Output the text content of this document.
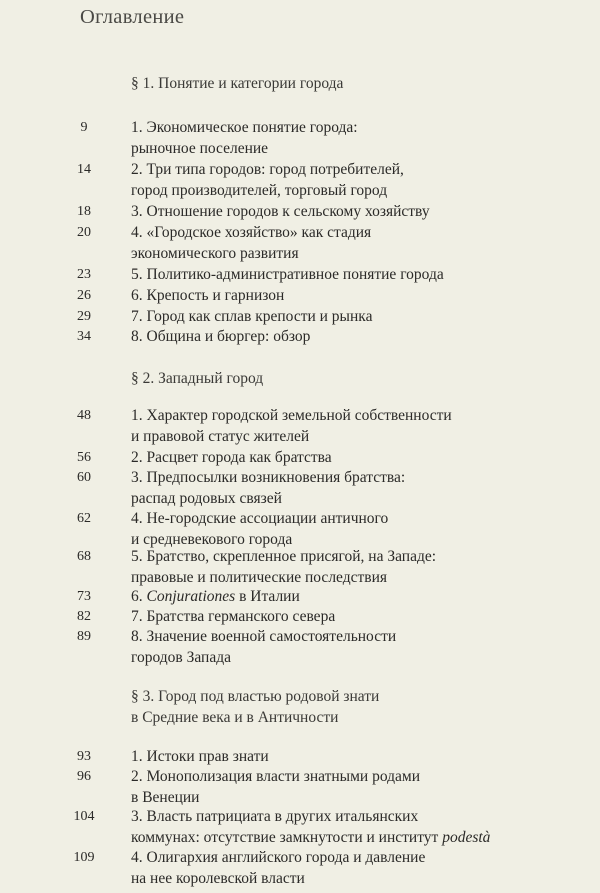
Оглавление
§ 1. Понятие и категории города
9	1. Экономическое понятие города:
рыночное поселение
14	2. Три типа городов: город потребителей,
город производителей, торговый город
18	3. Отношение городов к сельскому хозяйству
20	4. «Городское хозяйство» как стадия
экономического развития
23	5. Политико-административное понятие города
26	6. Крепость и гарнизон
29	7. Город как сплав крепости и рынка
34	8. Община и бюргер: обзор
§ 2. Западный город
48	1. Характер городской земельной собственности
и правовой статус жителей
56	2. Расцвет города как братства
60	3. Предпосылки возникновения братства:
распад родовых связей
62	4. Не-городские ассоциации античного
и средневекового города
68	5. Братство, скрепленное присягой, на Западе:
правовые и политические последствия
73	6. Conjurationes в Италии
82	7. Братства германского севера
89	8. Значение военной самостоятельности
городов Запада
§ 3. Город под властью родовой знати
в Средние века и в Античности
93	1. Истоки прав знати
96	2. Монополизация власти знатными родами
в Венеции
104	3. Власть патрициата в других итальянских
коммунах: отсутствие замкнутости и институт podestà
109	4. Олигархия английского города и давление
на нее королевской власти
